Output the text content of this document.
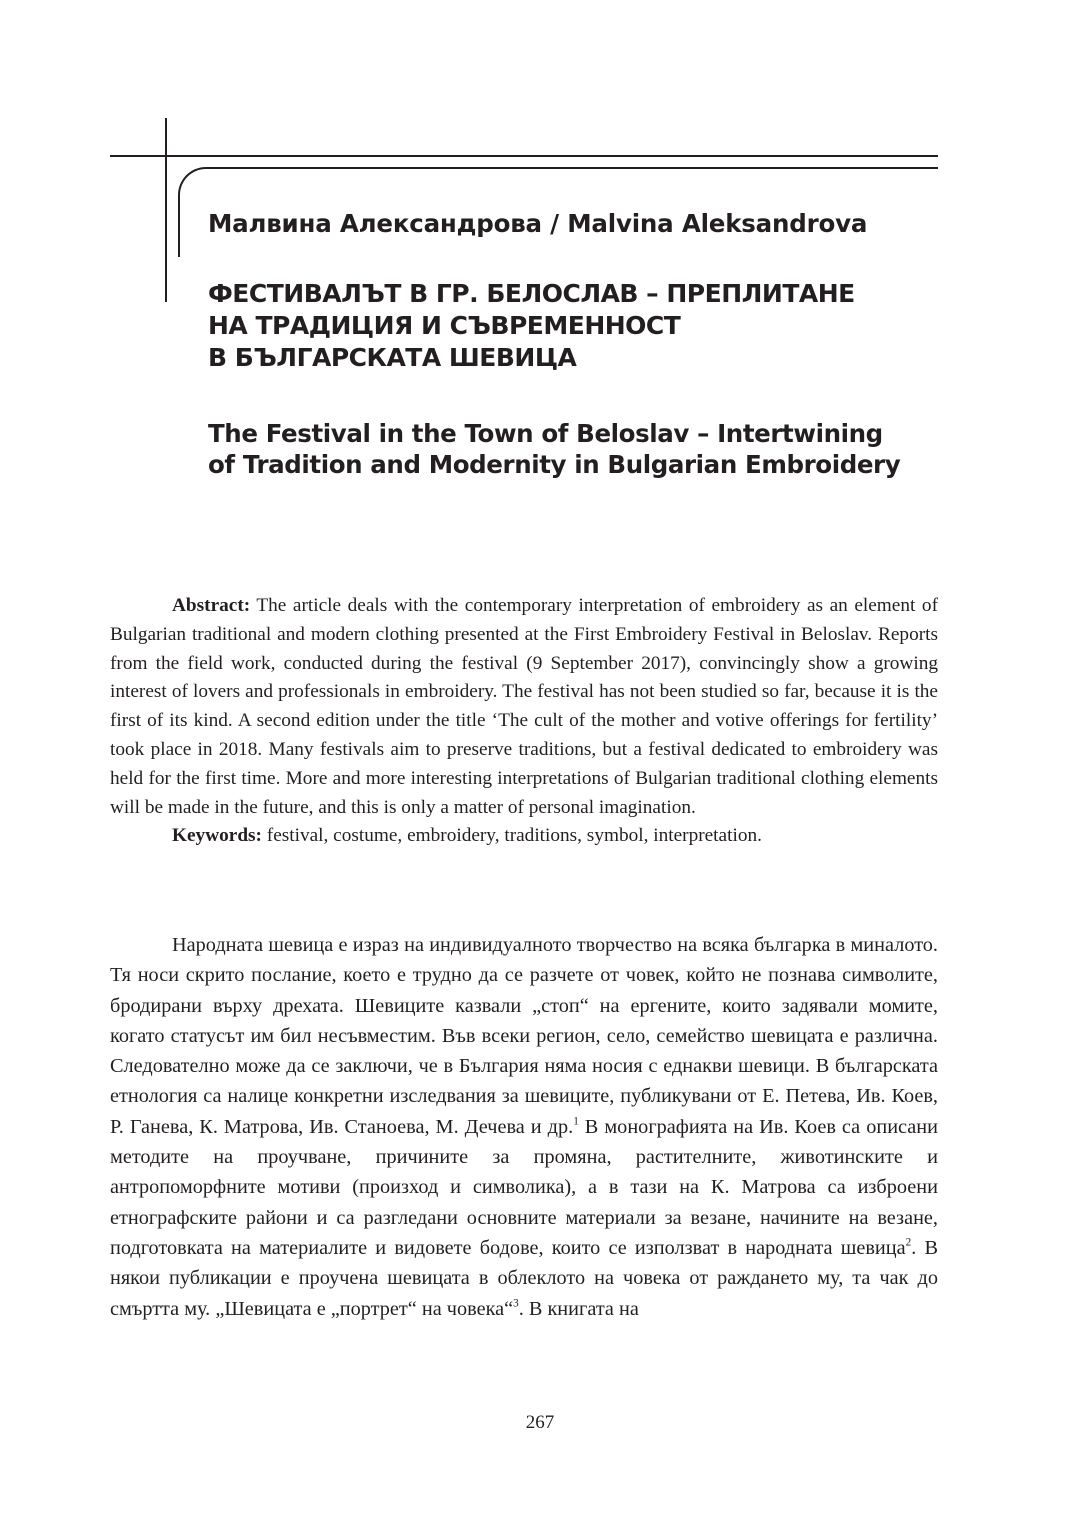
Малвина Александрова / Malvina Aleksandrova
ФЕСТИВАЛЪТ В ГР. БЕЛОСЛАВ – ПРЕПЛИТАНЕ
НА ТРАДИЦИЯ И СЪВРЕМЕННОСТ
В БЪЛГАРСКАТА ШЕВИЦА
The Festival in the Town of Beloslav – Intertwining
of Tradition and Modernity in Bulgarian Embroidery

Abstract: The article deals with the contemporary interpretation of embroidery as an element of Bulgarian traditional and modern clothing presented at the First Embroidery Festival in Beloslav. Reports from the field work, conducted during the festival (9 September 2017), convincingly show a growing interest of lovers and professionals in embroidery. The festival has not been studied so far, because it is the first of its kind. A second edition under the title ‘The cult of the mother and votive offerings for fertility’ took place in 2018. Many festivals aim to preserve traditions, but a festival dedicated to embroidery was held for the first time. More and more interesting interpretations of Bulgarian traditional clothing elements will be made in the future, and this is only a matter of personal imagination.

Keywords: festival, costume, embroidery, traditions, symbol, interpretation.

Народната шевица е израз на индивидуалното творчество на всяка българка в миналото. Тя носи скрито послание, което е трудно да се разчете от човек, който не познава символите, бродирани върху дрехата. Шевиците казвали „стоп“ на ергените, които задявали момите, когато статусът им бил несъвместим. Във всеки регион, село, семейство шевицата е различна. Следователно може да се заключи, че в България няма носия с еднакви шевици. В българската етнология са налице конкретни изследвания за шевиците, публикувани от Е. Петева, Ив. Коев, Р. Ганева, К. Матрова, Ив. Станоева, М. Дечева и др.$^1$ В монографията на Ив. Коев са описани методите на проучване, причините за промяна, растителните, животинските и антропоморфните мотиви (произход и символика), а в тази на К. Матрова са изброени етнографските райони и са разгледани основните материали за везане, начините на везане, подготовката на материалите и видовете бодове, които се използват в народната шевица$^2$. В някои публикации е проучена шевицата в облеклото на човека от раждането му, та чак до смъртта му. „Шевицата е „портрет“ на човека“$^3$. В книгата на

267
